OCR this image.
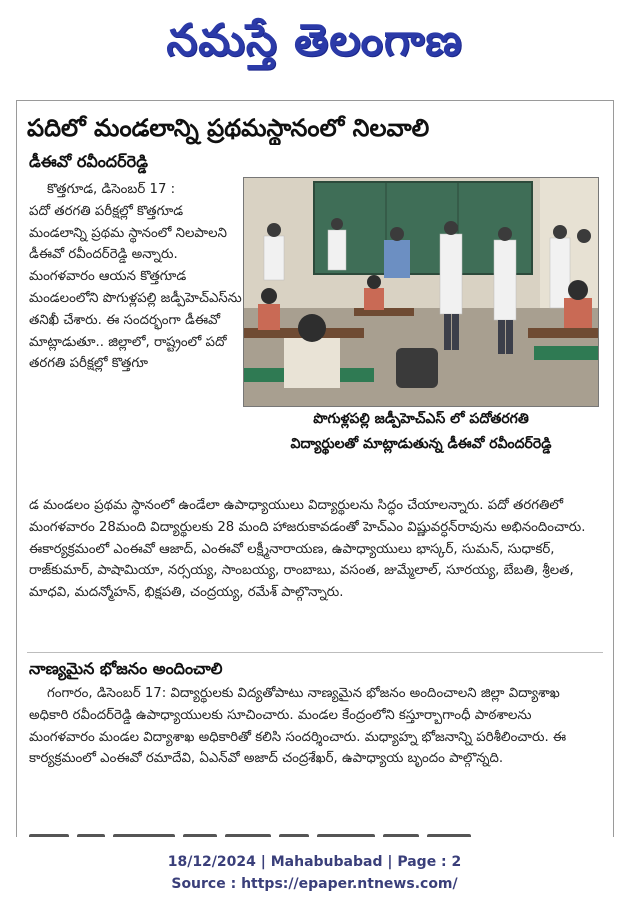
నమస్తే తెలంగాణ
పదిలో మండలాన్ని ప్రథమస్థానంలో నిలవాలి
డీఈవో రవీందర్‌రెడ్డి
కొత్తగూడ, డిసెంబర్ 17 :
పదో తరగతి పరీక్షల్లో కొత్తగూడ మండలాన్ని ప్రథమ స్థానంలో నిలపాలని డీఈవో రవీందర్‌రెడ్డి అన్నారు. మంగళవారం ఆయన కొత్తగూడ మండలంలోని పొగుళ్లపల్లి జడ్పీహెచ్‌ఎస్‌ను తనిఖీ చేశారు. ఈ సందర్భంగా డీఈవో మాట్లాడుతూ.. జిల్లాలో, రాష్ట్రంలో పదో తరగతి పరీక్షల్లో కొత్తగూ
పొగుళ్లపల్లి జడ్పీహెచ్‌ఎస్ లో పదోతరగతి
విద్యార్థులతో మాట్లాడుతున్న డీఈవో రవీందర్‌రెడ్డి
డ మండలం ప్రథమ స్థానంలో ఉండేలా ఉపాధ్యాయులు విద్యార్థులను సిద్ధం చేయాలన్నారు. పదో తరగతిలో మంగళవారం 28మంది విద్యార్థులకు 28 మంది హాజరుకావడంతో హెచ్‌ఎం విష్ణువర్ధన్‌రావును అభినందించారు. ఈకార్యక్రమంలో ఎంఈవో ఆజాద్, ఎంఈవో లక్ష్మీనారాయణ, ఉపాధ్యాయులు భాస్కర్, సుమన్, సుధాకర్, రాజ్‌కుమార్, పాషామియా, నర్సయ్య, సాంబయ్య, రాంబాబు, వసంత, జుమ్మేలాల్, సూరయ్య, బేబతి, శ్రీలత, మాధవి, మదన్మోహన్, భిక్షపతి, చంద్రయ్య, రమేశ్ పాల్గొన్నారు.
నాణ్యమైన భోజనం అందించాలి
గంగారం, డిసెంబర్ 17: విద్యార్థులకు విద్యతోపాటు నాణ్యమైన భోజనం అందించాలని జిల్లా విద్యాశాఖ అధికారి రవీందర్‌రెడ్డి ఉపాధ్యాయులకు సూచించారు. మండల కేంద్రంలోని కస్తూర్బాగాంధీ పాఠశాలను మంగళవారం మండల విద్యాశాఖ అధికారితో కలిసి సందర్శించారు. మధ్యాహ్న భోజనాన్ని పరిశీలించారు. ఈ కార్యక్రమంలో ఎంఈవో రమాదేవి, ఏఎన్‌వో అజాద్ చంద్రశేఖర్, ఉపాధ్యాయ బృందం పాల్గొన్నది.
18/12/2024 | Mahabubabad | Page : 2
Source : https://epaper.ntnews.com/
